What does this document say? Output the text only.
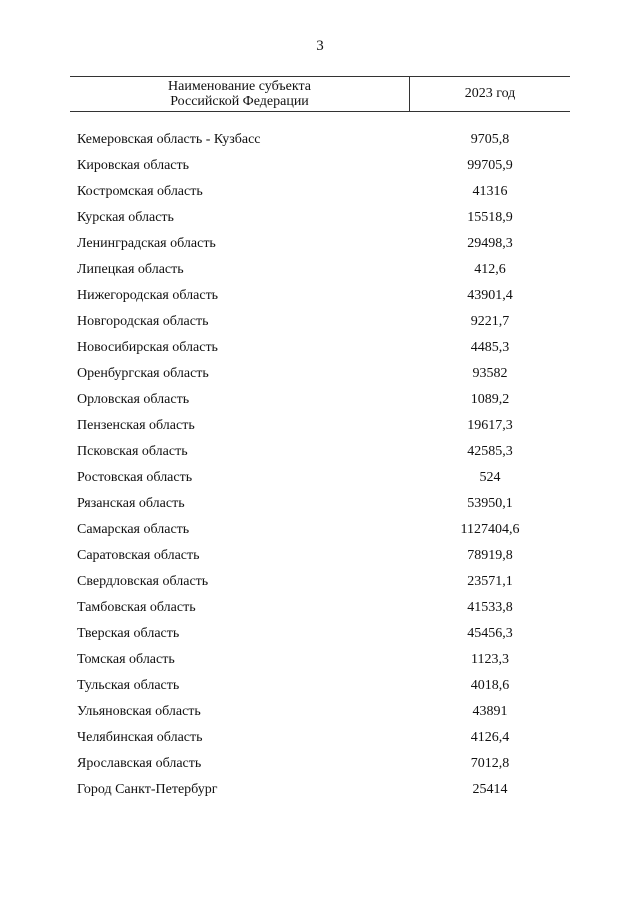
3
Наименование субъекта
Российской Федерации
2023 год
Кемеровская область - Кузбасс	9705,8
Кировская область	99705,9
Костромская область	41316
Курская область	15518,9
Ленинградская область	29498,3
Липецкая область	412,6
Нижегородская область	43901,4
Новгородская область	9221,7
Новосибирская область	4485,3
Оренбургская область	93582
Орловская область	1089,2
Пензенская область	19617,3
Псковская область	42585,3
Ростовская область	524
Рязанская область	53950,1
Самарская область	1127404,6
Саратовская область	78919,8
Свердловская область	23571,1
Тамбовская область	41533,8
Тверская область	45456,3
Томская область	1123,3
Тульская область	4018,6
Ульяновская область	43891
Челябинская область	4126,4
Ярославская область	7012,8
Город Санкт-Петербург	25414
